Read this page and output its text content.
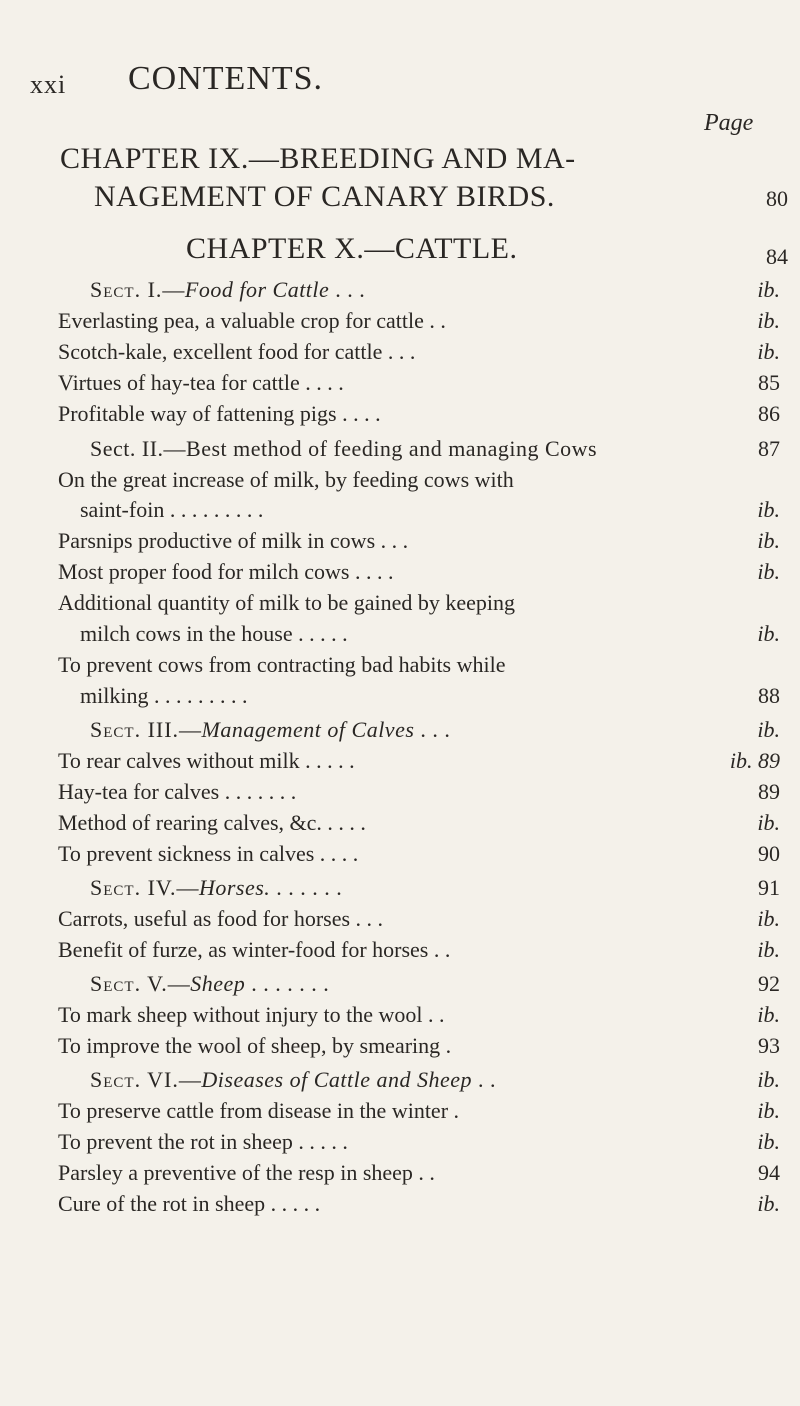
xxi CONTENTS.
Page
CHAPTER IX.—BREEDING AND MA-
NAGEMENT OF CANARY BIRDS.	80
CHAPTER X.—CATTLE.	84
Sect. I.—Food for Cattle . . .	ib.
Everlasting pea, a valuable crop for cattle . .	ib.
Scotch-kale, excellent food for cattle . . .	ib.
Virtues of hay-tea for cattle . . . .	85
Profitable way of fattening pigs . . . .	86
Sect. II.—Best method of feeding and managing Cows	87
On the great increase of milk, by feeding cows with
saint-foin . . . . . . . . .	ib.
Parsnips productive of milk in cows . . .	ib.
Most proper food for milch cows . . . .	ib.
Additional quantity of milk to be gained by keeping
milch cows in the house . . . . .	ib.
To prevent cows from contracting bad habits while
milking . . . . . . . . .	88
Sect. III.—Management of Calves . . .	ib.
To rear calves without milk . . . . .	ib. 89
Hay-tea for calves . . . . . . .	89
Method of rearing calves, &c. . . . .	ib.
To prevent sickness in calves . . . .	90
Sect. IV.—Horses. . . . . . .	91
Carrots, useful as food for horses . . .	ib.
Benefit of furze, as winter-food for horses . .	ib.
Sect. V.—Sheep . . . . . . .	92
To mark sheep without injury to the wool . .	ib.
To improve the wool of sheep, by smearing .	93
Sect. VI.—Diseases of Cattle and Sheep . .	ib.
To preserve cattle from disease in the winter .	ib.
To prevent the rot in sheep . . . . .	ib.
Parsley a preventive of the resp in sheep . .	94
Cure of the rot in sheep . . . . .	ib.
